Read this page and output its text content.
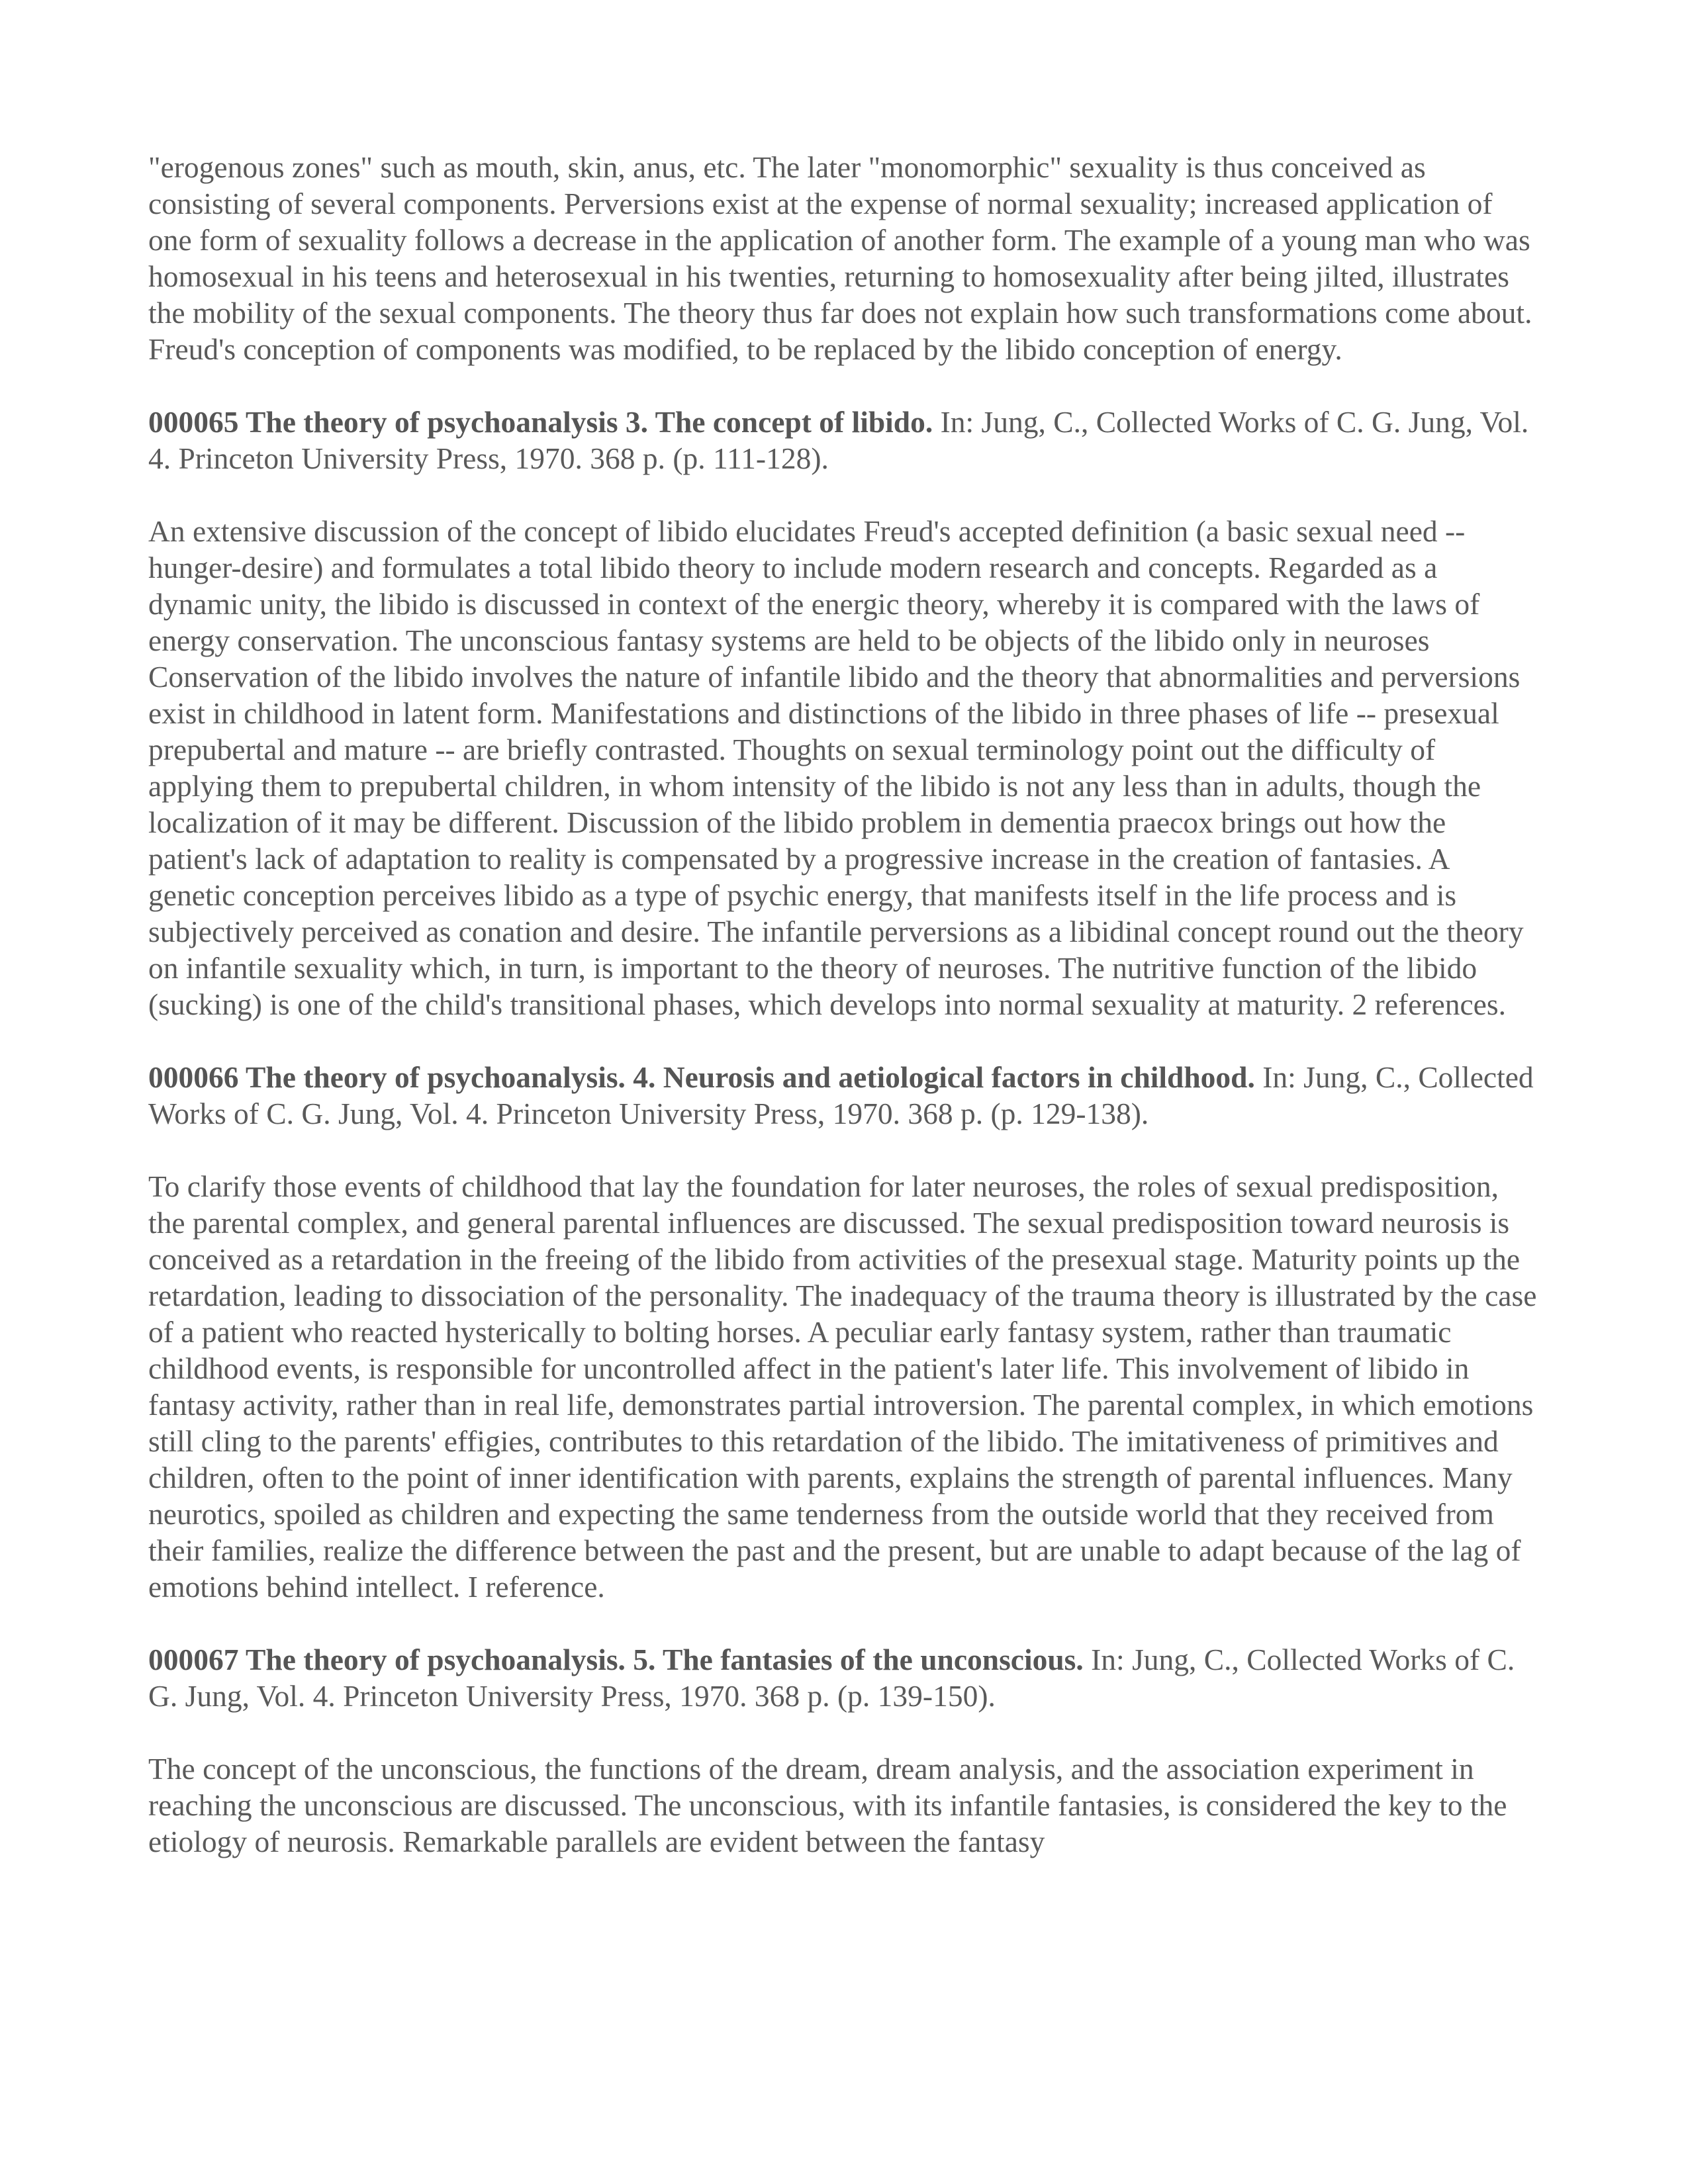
"erogenous zones" such as mouth, skin, anus, etc. The later "monomorphic" sexuality is thus conceived as consisting of several components. Perversions exist at the expense of normal sexuality; increased application of one form of sexuality follows a decrease in the application of another form. The example of a young man who was homosexual in his teens and heterosexual in his twenties, returning to homosexuality after being jilted, illustrates the mobility of the sexual components. The theory thus far does not explain how such transformations come about. Freud's conception of components was modified, to be replaced by the libido conception of energy.

000065 The theory of psychoanalysis 3. The concept of libido. In: Jung, C., Collected Works of C. G. Jung, Vol. 4. Princeton University Press, 1970. 368 p. (p. 111-128).

An extensive discussion of the concept of libido elucidates Freud's accepted definition (a basic sexual need -- hunger-desire) and formulates a total libido theory to include modern research and concepts. Regarded as a dynamic unity, the libido is discussed in context of the energic theory, whereby it is compared with the laws of energy conservation. The unconscious fantasy systems are held to be objects of the libido only in neuroses Conservation of the libido involves the nature of infantile libido and the theory that abnormalities and perversions exist in childhood in latent form. Manifestations and distinctions of the libido in three phases of life -- presexual prepubertal and mature -- are briefly contrasted. Thoughts on sexual terminology point out the difficulty of applying them to prepubertal children, in whom intensity of the libido is not any less than in adults, though the localization of it may be different. Discussion of the libido problem in dementia praecox brings out how the patient's lack of adaptation to reality is compensated by a progressive increase in the creation of fantasies. A genetic conception perceives libido as a type of psychic energy, that manifests itself in the life process and is subjectively perceived as conation and desire. The infantile perversions as a libidinal concept round out the theory on infantile sexuality which, in turn, is important to the theory of neuroses. The nutritive function of the libido (sucking) is one of the child's transitional phases, which develops into normal sexuality at maturity. 2 references.

000066 The theory of psychoanalysis. 4. Neurosis and aetiological factors in childhood. In: Jung, C., Collected Works of C. G. Jung, Vol. 4. Princeton University Press, 1970. 368 p. (p. 129-138).

To clarify those events of childhood that lay the foundation for later neuroses, the roles of sexual predisposition, the parental complex, and general parental influences are discussed. The sexual predisposition toward neurosis is conceived as a retardation in the freeing of the libido from activities of the presexual stage. Maturity points up the retardation, leading to dissociation of the personality. The inadequacy of the trauma theory is illustrated by the case of a patient who reacted hysterically to bolting horses. A peculiar early fantasy system, rather than traumatic childhood events, is responsible for uncontrolled affect in the patient's later life. This involvement of libido in fantasy activity, rather than in real life, demonstrates partial introversion. The parental complex, in which emotions still cling to the parents' effigies, contributes to this retardation of the libido. The imitativeness of primitives and children, often to the point of inner identification with parents, explains the strength of parental influences. Many neurotics, spoiled as children and expecting the same tenderness from the outside world that they received from their families, realize the difference between the past and the present, but are unable to adapt because of the lag of emotions behind intellect. I reference.

000067 The theory of psychoanalysis. 5. The fantasies of the unconscious. In: Jung, C., Collected Works of C. G. Jung, Vol. 4. Princeton University Press, 1970. 368 p. (p. 139-150).

The concept of the unconscious, the functions of the dream, dream analysis, and the association experiment in reaching the unconscious are discussed. The unconscious, with its infantile fantasies, is considered the key to the etiology of neurosis. Remarkable parallels are evident between the fantasy
